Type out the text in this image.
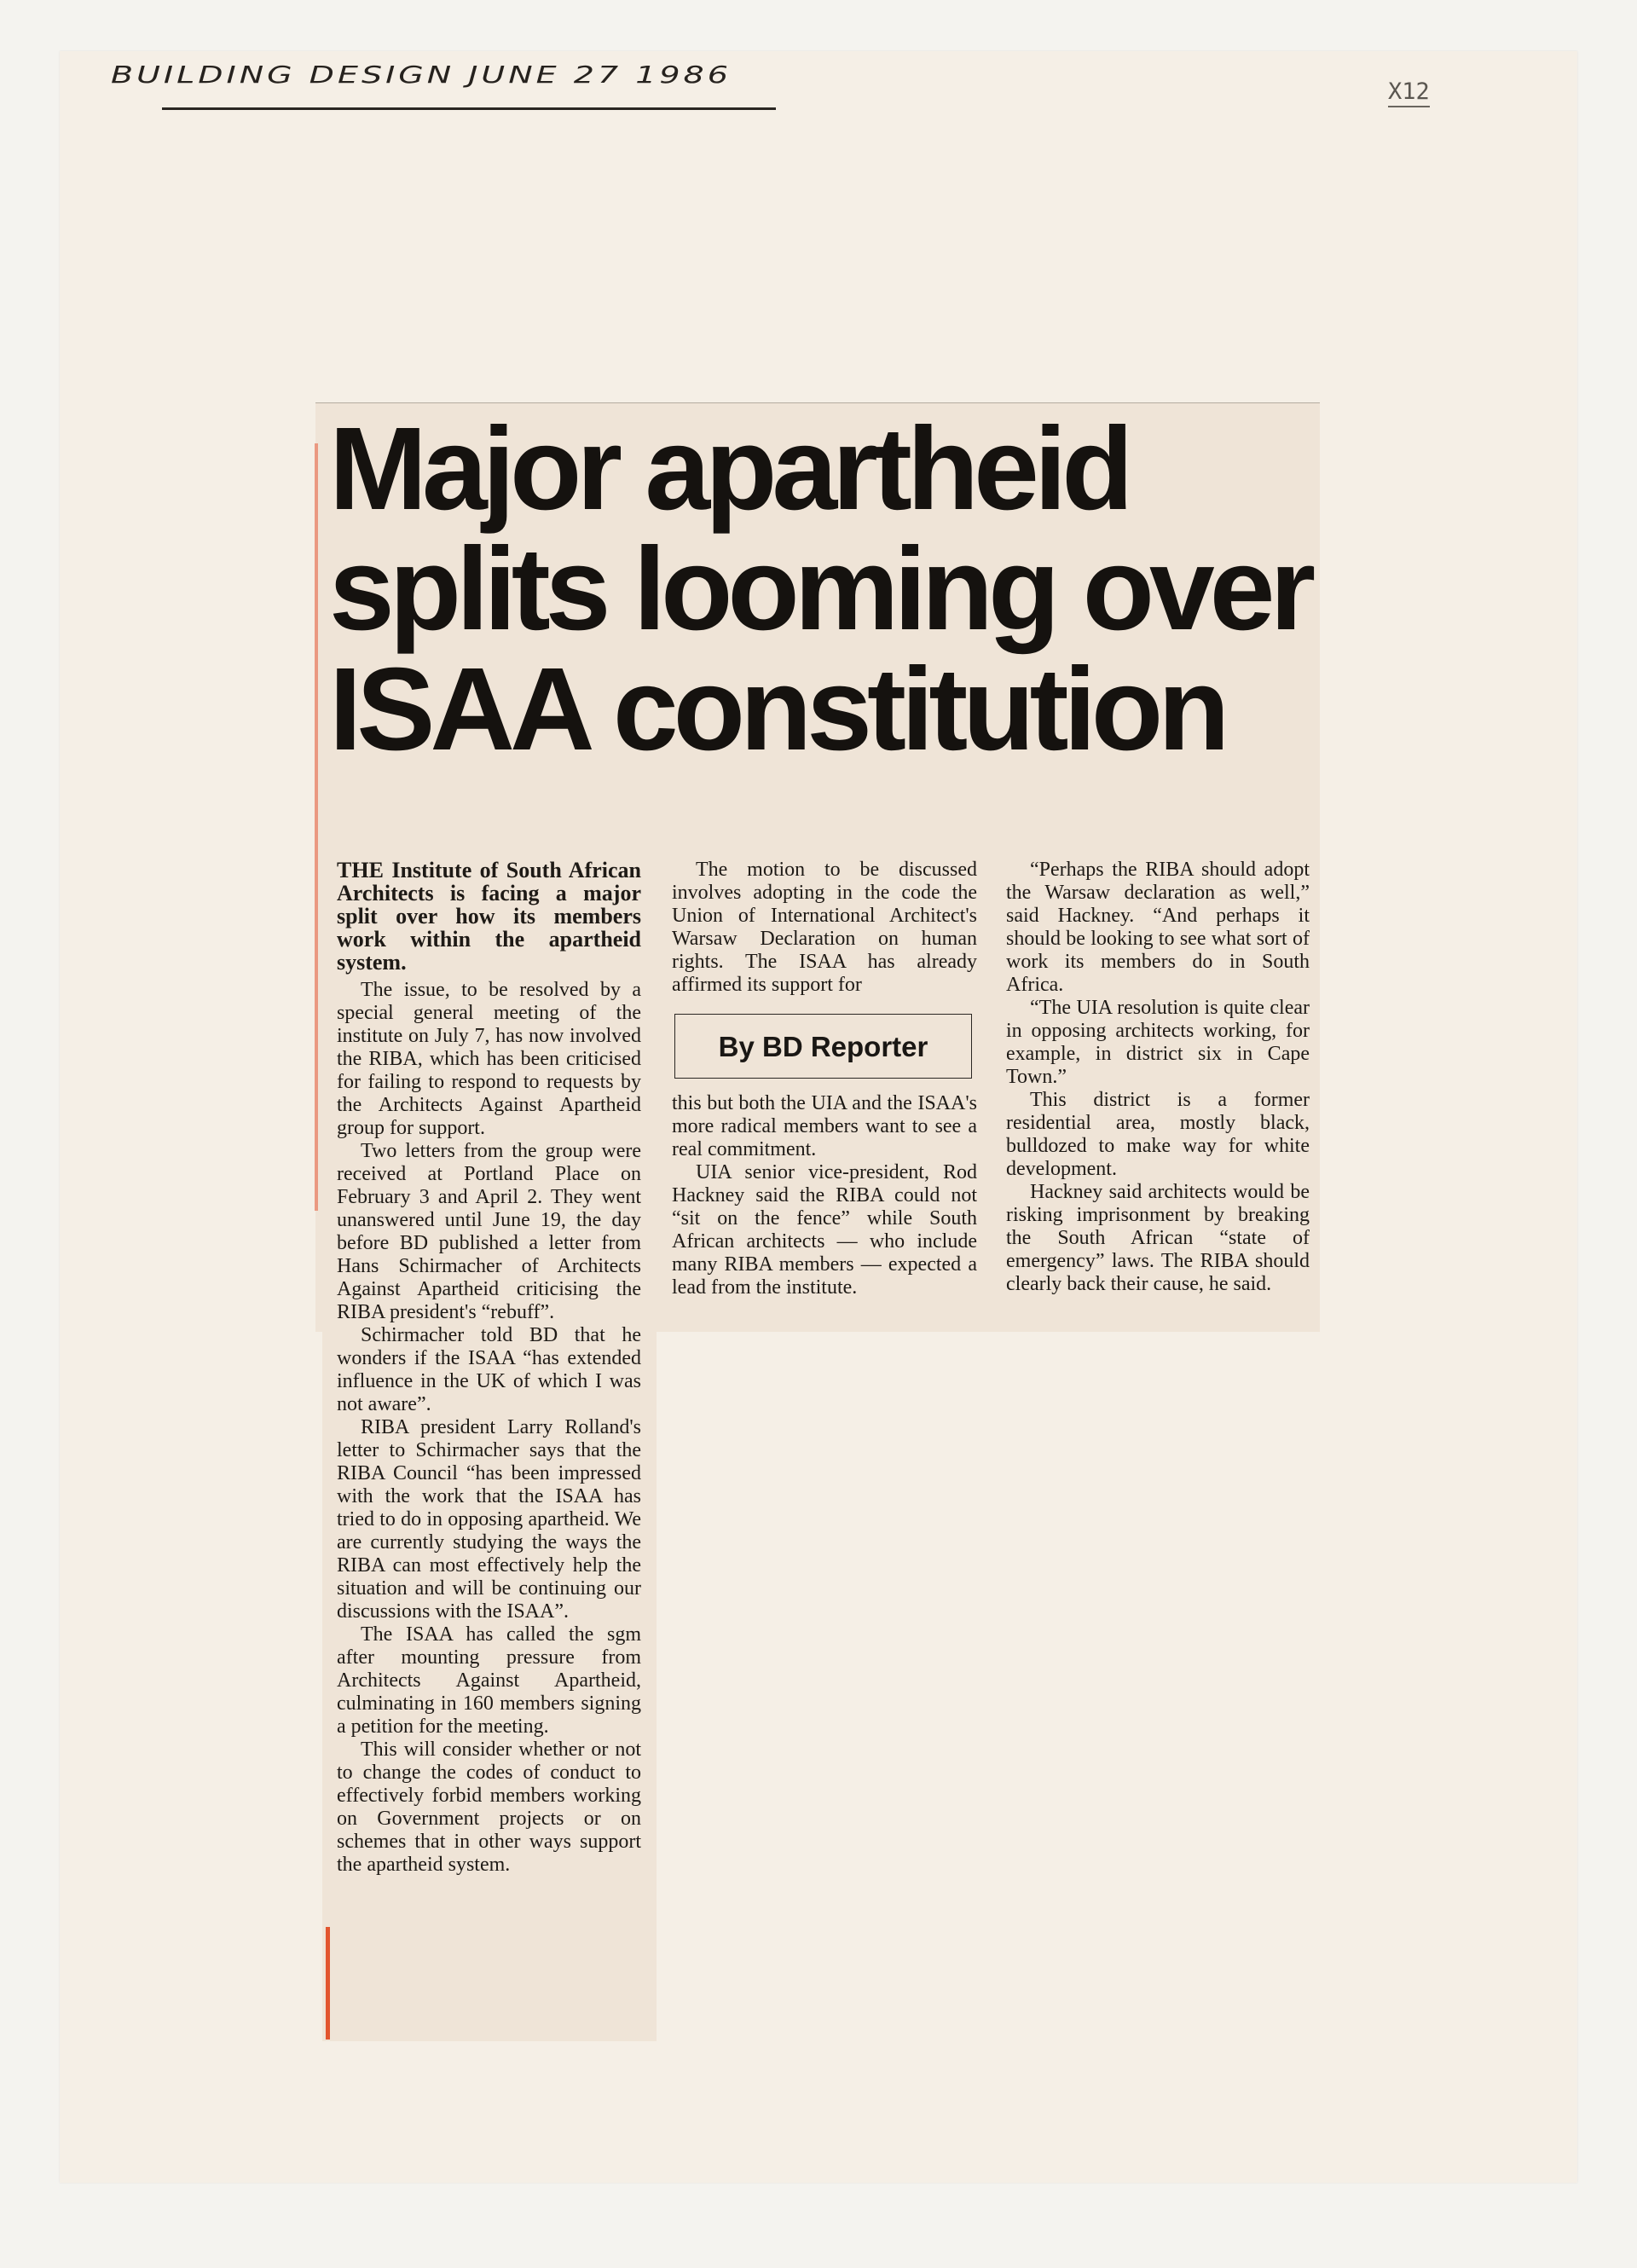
BUILDING DESIGN JUNE 27 1986
X12
Major apartheid
splits looming over
ISAA constitution

THE Institute of South African Architects is facing a major split over how its members work within the apartheid system.

The issue, to be resolved by a special general meeting of the institute on July 7, has now involved the RIBA, which has been criticised for failing to respond to requests by the Architects Against Apartheid group for support.

Two letters from the group were received at Portland Place on February 3 and April 2. They went unanswered until June 19, the day before BD published a letter from Hans Schirmacher of Architects Against Apartheid criticising the RIBA president's “rebuff”.

Schirmacher told BD that he wonders if the ISAA “has extended influence in the UK of which I was not aware”.

RIBA president Larry Rolland's letter to Schirmacher says that the RIBA Council “has been impressed with the work that the ISAA has tried to do in opposing apartheid. We are currently studying the ways the RIBA can most effectively help the situation and will be continuing our discussions with the ISAA”.

The ISAA has called the sgm after mounting pressure from Architects Against Apartheid, culminating in 160 members signing a petition for the meeting.

This will consider whether or not to change the codes of conduct to effectively forbid members working on Government projects or on schemes that in other ways support the apartheid system.

The motion to be discussed involves adopting in the code the Union of International Architect's Warsaw Declaration on human rights. The ISAA has already affirmed its support for

By BD Reporter

this but both the UIA and the ISAA's more radical members want to see a real commitment.

UIA senior vice-president, Rod Hackney said the RIBA could not “sit on the fence” while South African architects — who include many RIBA members — expected a lead from the institute.

“Perhaps the RIBA should adopt the Warsaw declaration as well,” said Hackney. “And perhaps it should be looking to see what sort of work its members do in South Africa.

“The UIA resolution is quite clear in opposing architects working, for example, in district six in Cape Town.”

This district is a former residential area, mostly black, bulldozed to make way for white development.

Hackney said architects would be risking imprisonment by breaking the South African “state of emergency” laws. The RIBA should clearly back their cause, he said.
